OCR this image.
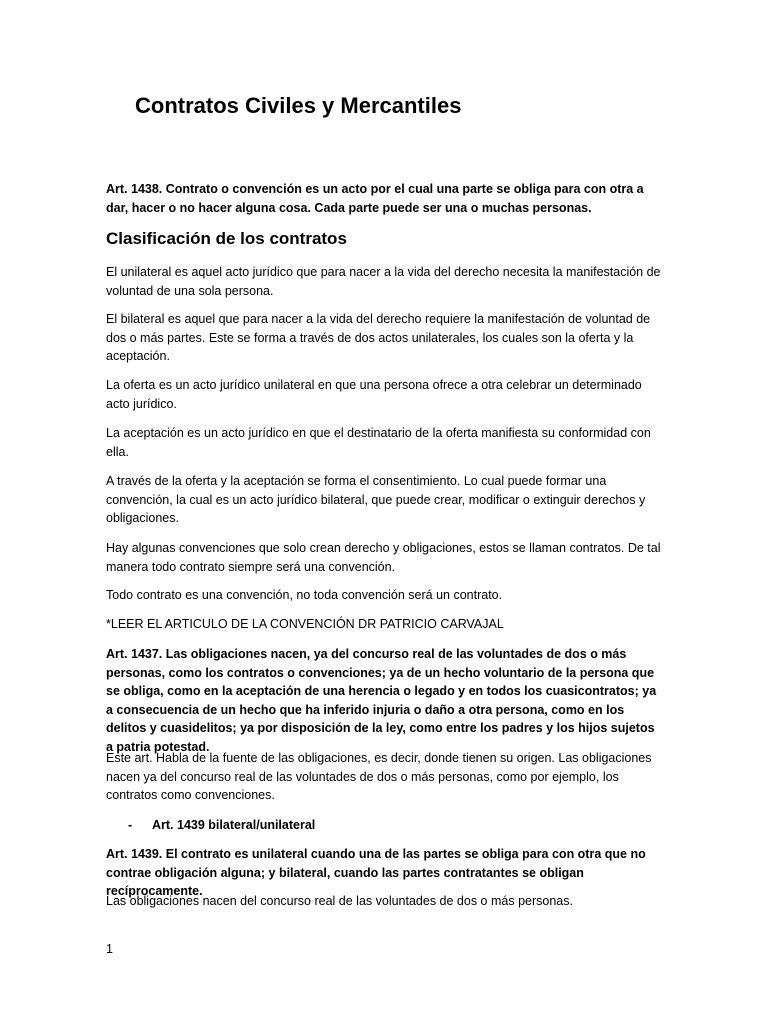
Contratos Civiles y Mercantiles

Art. 1438. Contrato o convención es un acto por el cual una parte se obliga para con otra a dar, hacer o no hacer alguna cosa. Cada parte puede ser una o muchas personas.

Clasificación de los contratos

El unilateral es aquel acto jurídico que para nacer a la vida del derecho necesita la manifestación de voluntad de una sola persona.

El bilateral es aquel que para nacer a la vida del derecho requiere la manifestación de voluntad de dos o más partes. Este se forma a través de dos actos unilaterales, los cuales son la oferta y la aceptación.

La oferta es un acto jurídico unilateral en que una persona ofrece a otra celebrar un determinado acto jurídico.

La aceptación es un acto jurídico en que el destinatario de la oferta manifiesta su conformidad con ella.

A través de la oferta y la aceptación se forma el consentimiento. Lo cual puede formar una convención, la cual es un acto jurídico bilateral, que puede crear, modificar o extinguir derechos y obligaciones.

Hay algunas convenciones que solo crean derecho y obligaciones, estos se llaman contratos. De tal manera todo contrato siempre será una convención.

Todo contrato es una convención, no toda convención será un contrato.

*LEER EL ARTICULO DE LA CONVENCIÓN DR PATRICIO CARVAJAL

Art. 1437. Las obligaciones nacen, ya del concurso real de las voluntades de dos o más personas, como los contratos o convenciones; ya de un hecho voluntario de la persona que se obliga, como en la aceptación de una herencia o legado y en todos los cuasicontratos; ya a consecuencia de un hecho que ha inferido injuria o daño a otra persona, como en los delitos y cuasidelitos; ya por disposición de la ley, como entre los padres y los hijos sujetos a patria potestad.

Este art. Habla de la fuente de las obligaciones, es decir, donde tienen su origen. Las obligaciones nacen ya del concurso real de las voluntades de dos o más personas, como por ejemplo, los contratos como convenciones.

- Art. 1439 bilateral/unilateral

Art. 1439. El contrato es unilateral cuando una de las partes se obliga para con otra que no contrae obligación alguna; y bilateral, cuando las partes contratantes se obligan recíprocamente.

Las obligaciones nacen del concurso real de las voluntades de dos o más personas.

1
